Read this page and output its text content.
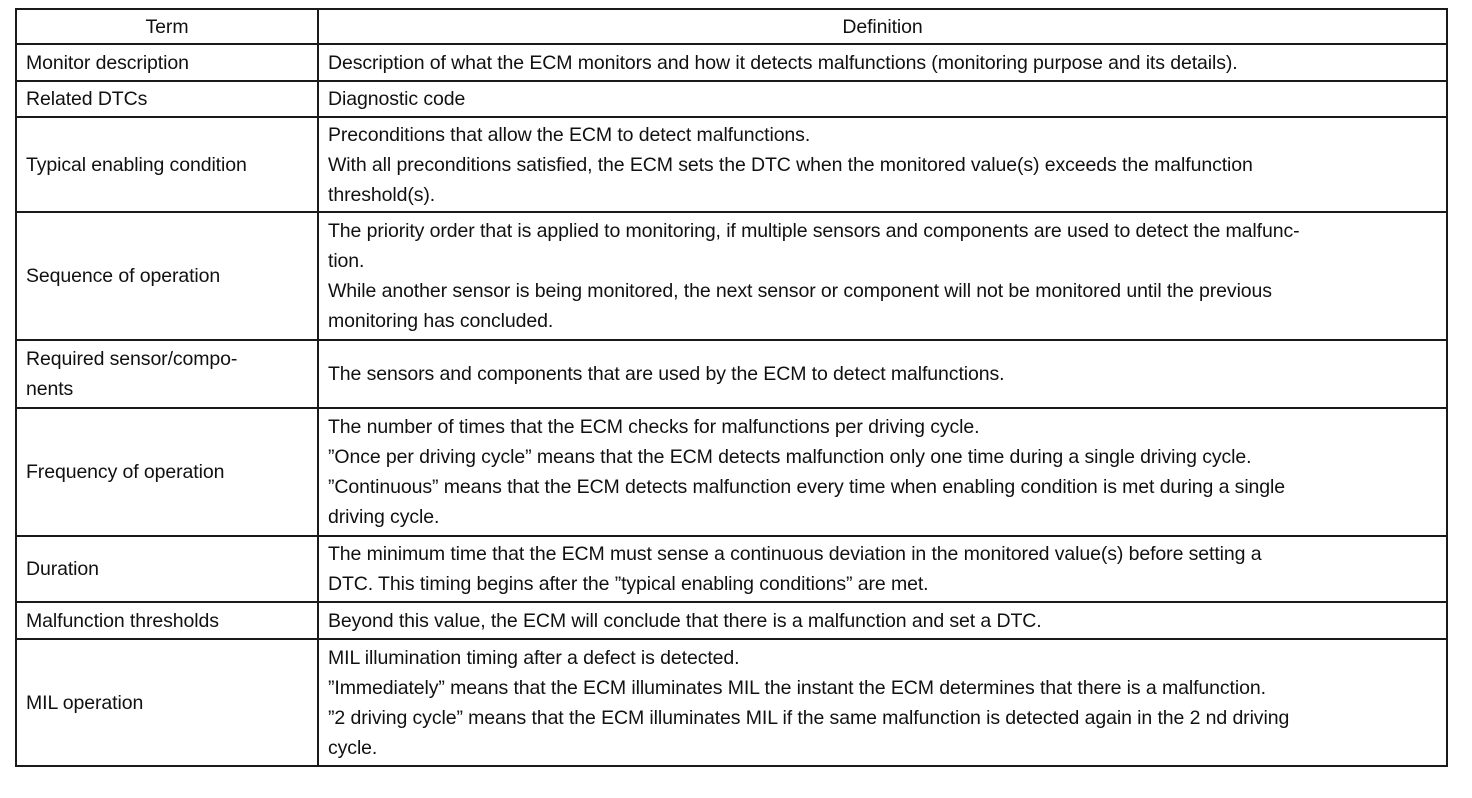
Term	Definition

Monitor description	Description of what the ECM monitors and how it detects malfunctions (monitoring purpose and its details).

Related DTCs	Diagnostic code

Typical enabling condition	Preconditions that allow the ECM to detect malfunctions.
With all preconditions satisfied, the ECM sets the DTC when the monitored value(s) exceeds the malfunction
threshold(s).

Sequence of operation	The priority order that is applied to monitoring, if multiple sensors and components are used to detect the malfunc-
tion.
While another sensor is being monitored, the next sensor or component will not be monitored until the previous
monitoring has concluded.

Required sensor/compo-
nents	The sensors and components that are used by the ECM to detect malfunctions.

Frequency of operation	The number of times that the ECM checks for malfunctions per driving cycle.
”Once per driving cycle” means that the ECM detects malfunction only one time during a single driving cycle.
”Continuous” means that the ECM detects malfunction every time when enabling condition is met during a single
driving cycle.

Duration	The minimum time that the ECM must sense a continuous deviation in the monitored value(s) before setting a
DTC. This timing begins after the ”typical enabling conditions” are met.

Malfunction thresholds	Beyond this value, the ECM will conclude that there is a malfunction and set a DTC.

MIL operation	MIL illumination timing after a defect is detected.
”Immediately” means that the ECM illuminates MIL the instant the ECM determines that there is a malfunction.
”2 driving cycle” means that the ECM illuminates MIL if the same malfunction is detected again in the 2 nd driving
cycle.
